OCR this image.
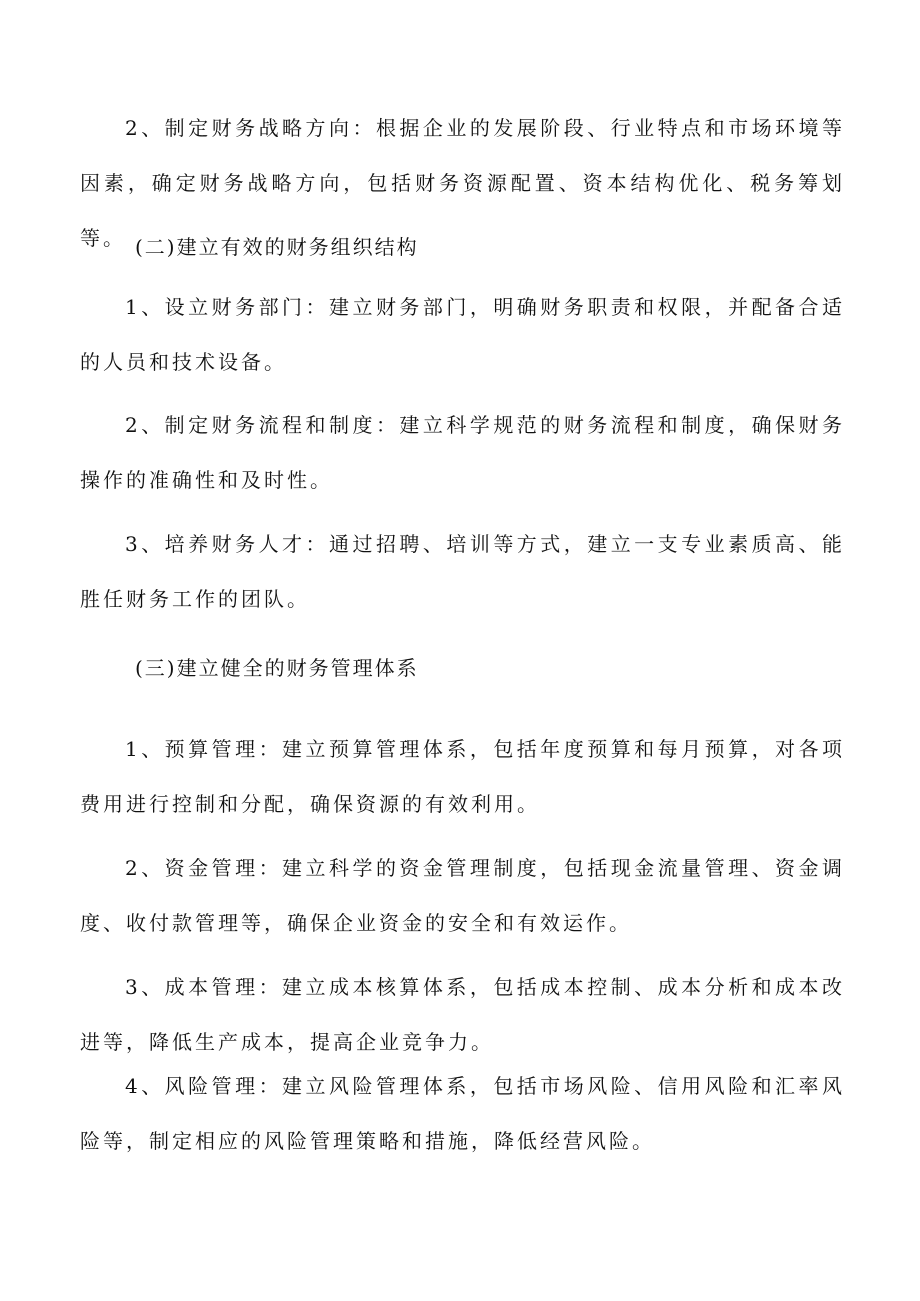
2、制定财务战略方向：根据企业的发展阶段、行业特点和市场环境等因素，确定财务战略方向，包括财务资源配置、资本结构优化、税务筹划等。 (二)建立有效的财务组织结构

1、设立财务部门：建立财务部门，明确财务职责和权限，并配备合适的人员和技术设备。

2、制定财务流程和制度：建立科学规范的财务流程和制度，确保财务操作的准确性和及时性。

3、培养财务人才：通过招聘、培训等方式，建立一支专业素质高、能胜任财务工作的团队。

(三)建立健全的财务管理体系

1、预算管理：建立预算管理体系，包括年度预算和每月预算，对各项费用进行控制和分配，确保资源的有效利用。

2、资金管理：建立科学的资金管理制度，包括现金流量管理、资金调度、收付款管理等，确保企业资金的安全和有效运作。

3、成本管理：建立成本核算体系，包括成本控制、成本分析和成本改进等，降低生产成本，提高企业竞争力。

4、风险管理：建立风险管理体系，包括市场风险、信用风险和汇率风险等，制定相应的风险管理策略和措施，降低经营风险。
